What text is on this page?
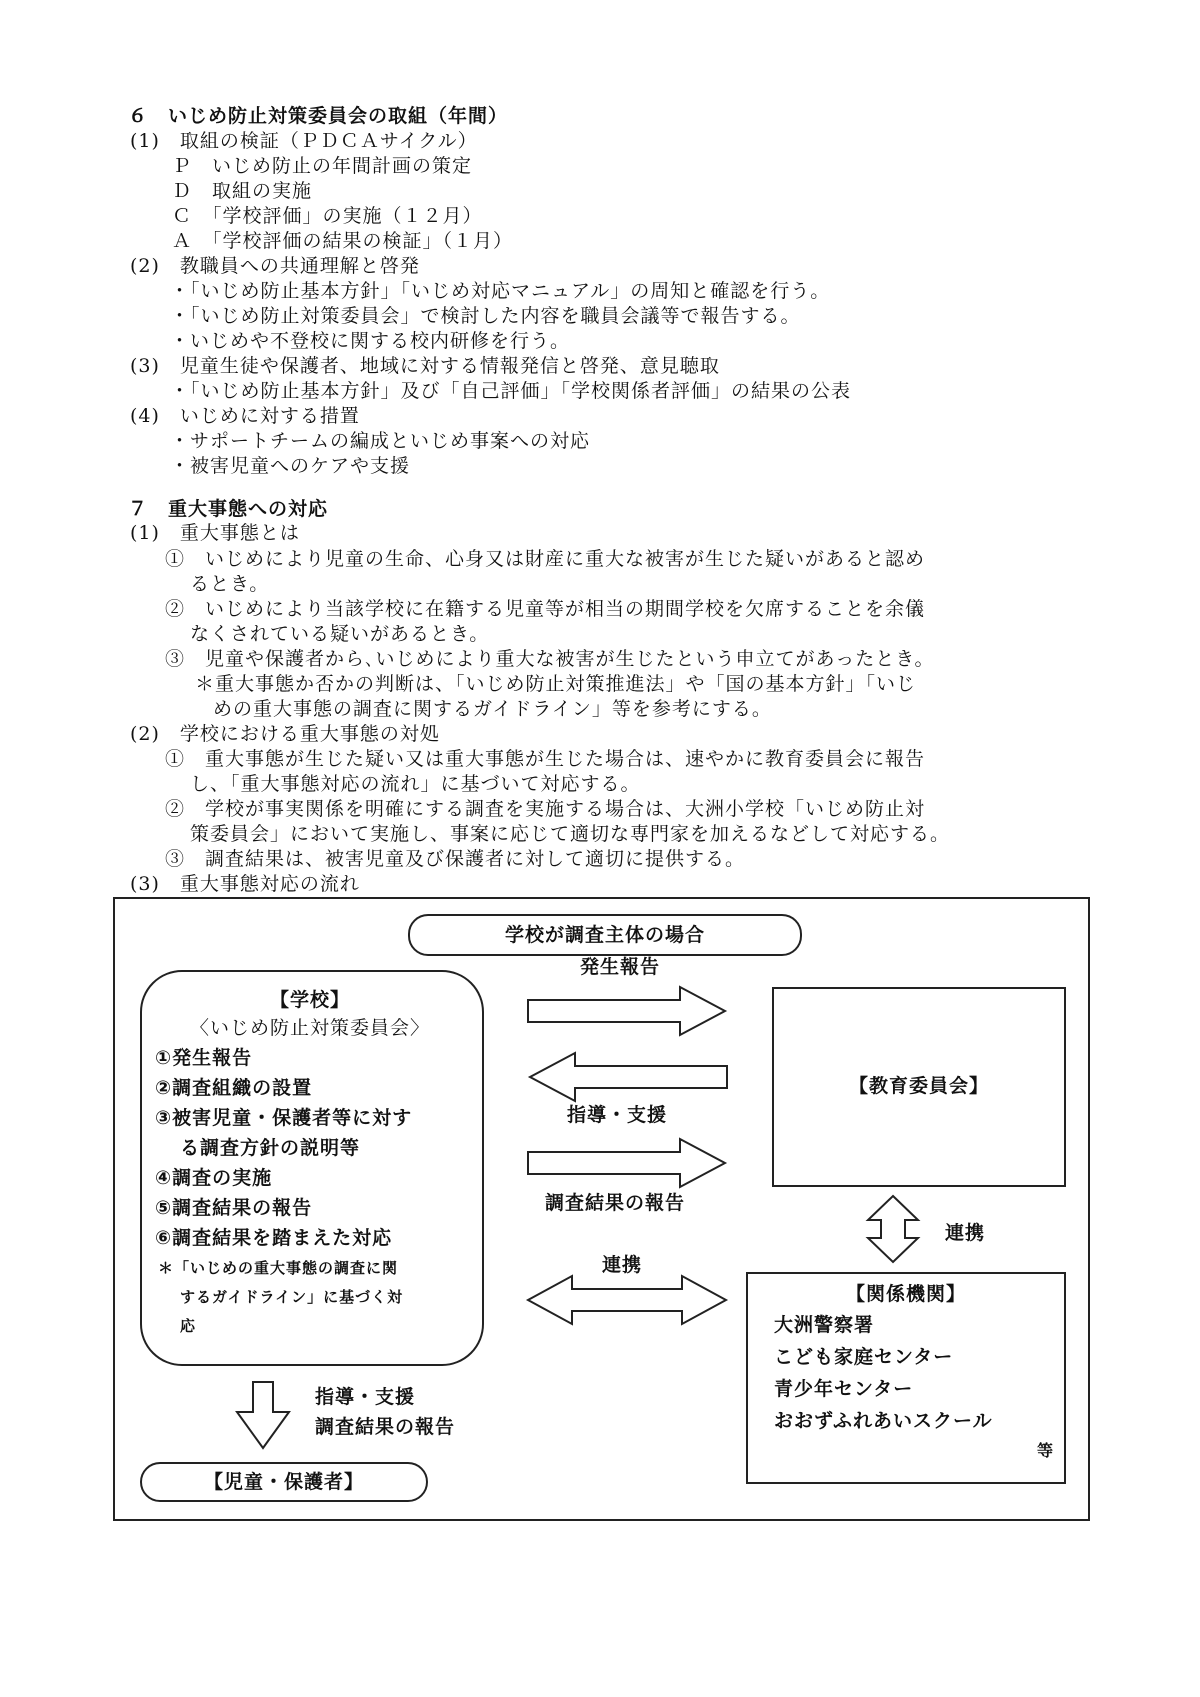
６　いじめ防止対策委員会の取組（年間）
(1)　取組の検証（ＰＤＣＡサイクル）
Ｐ　いじめ防止の年間計画の策定
Ｄ　取組の実施
Ｃ　「学校評価」の実施（１２月）
Ａ　「学校評価の結果の検証」（１月）
(2)　教職員への共通理解と啓発
・「いじめ防止基本方針」「いじめ対応マニュアル」の周知と確認を行う。
・「いじめ防止対策委員会」で検討した内容を職員会議等で報告する。
・いじめや不登校に関する校内研修を行う。
(3)　児童生徒や保護者、地域に対する情報発信と啓発、意見聴取
・「いじめ防止基本方針」及び「自己評価」「学校関係者評価」の結果の公表
(4)　いじめに対する措置
・サポートチームの編成といじめ事案への対応
・被害児童へのケアや支援
７　重大事態への対応
(1)　重大事態とは
①　いじめにより児童の生命、心身又は財産に重大な被害が生じた疑いがあると認め
るとき。
②　いじめにより当該学校に在籍する児童等が相当の期間学校を欠席することを余儀
なくされている疑いがあるとき。
③　児童や保護者から､いじめにより重大な被害が生じたという申立てがあったとき。
＊重大事態か否かの判断は、「いじめ防止対策推進法」や「国の基本方針」「いじ
めの重大事態の調査に関するガイドライン」等を参考にする。
(2)　学校における重大事態の対処
①　重大事態が生じた疑い又は重大事態が生じた場合は、速やかに教育委員会に報告
し、「重大事態対応の流れ」に基づいて対応する。
②　学校が事実関係を明確にする調査を実施する場合は、大洲小学校「いじめ防止対
策委員会」において実施し、事案に応じて適切な専門家を加えるなどして対応する。
③　調査結果は、被害児童及び保護者に対して適切に提供する。
(3)　重大事態対応の流れ
学校が調査主体の場合
【学校】
〈いじめ防止対策委員会〉
①発生報告
②調査組織の設置
③被害児童・保護者等に対す
る調査方針の説明等
④調査の実施
⑤調査結果の報告
⑥調査結果を踏まえた対応
＊「いじめの重大事態の調査に関
するガイドライン」に基づく対
応
【教育委員会】
【関係機関】
大洲警察署
こども家庭センター
青少年センター
おおずふれあいスクール
等
【児童・保護者】
発生報告
指導・支援
調査結果の報告
連携
連携
指導・支援
調査結果の報告
